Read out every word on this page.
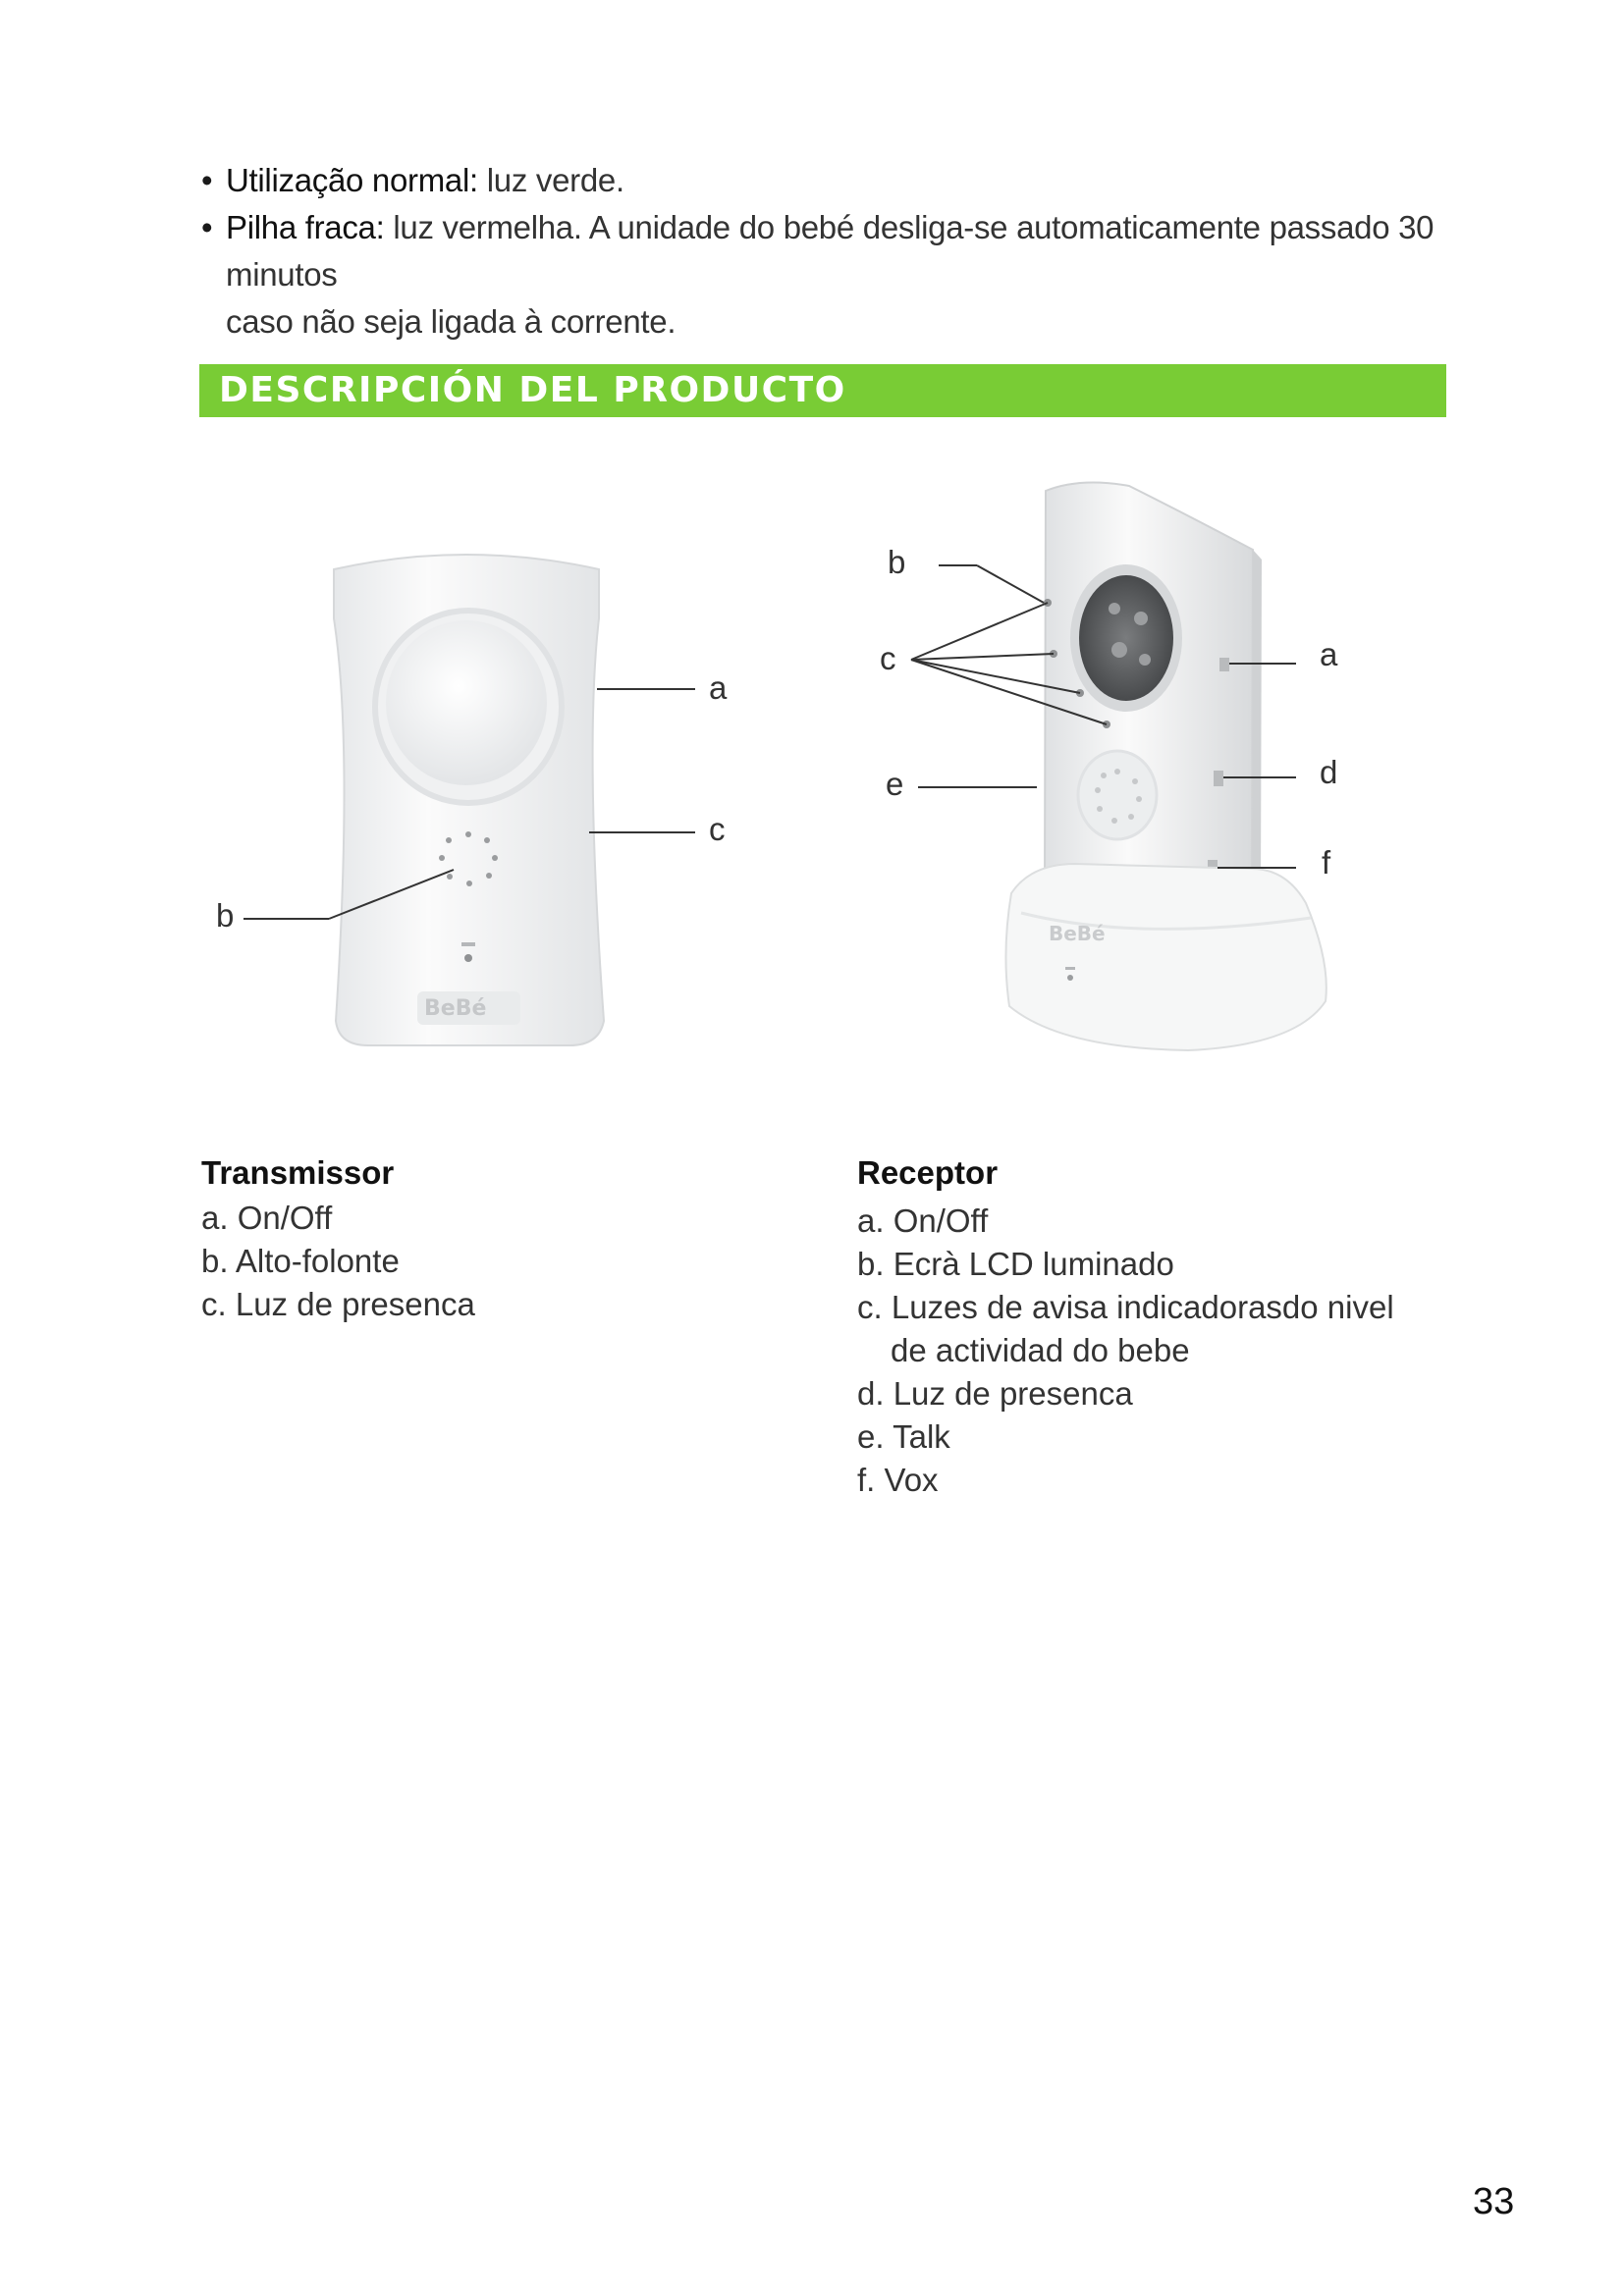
• Utilização normal: luz verde.
• Pilha fraca: luz vermelha. A unidade do bebé desliga-se automaticamente passado 30 minutos
caso não seja ligada à corrente.
DESCRIPCIÓN DEL PRODUCTO
BeBé
a
c
b	BeBé
b
c
e
a
d
f
Transmissor
a. On/Off
b. Alto-folonte
c. Luz de presenca
Receptor
a. On/Off
b. Ecrà LCD luminado
c. Luzes de avisa indicadorasdo nivel
de actividad do bebe
d. Luz de presenca
e. Talk
f. Vox
33
